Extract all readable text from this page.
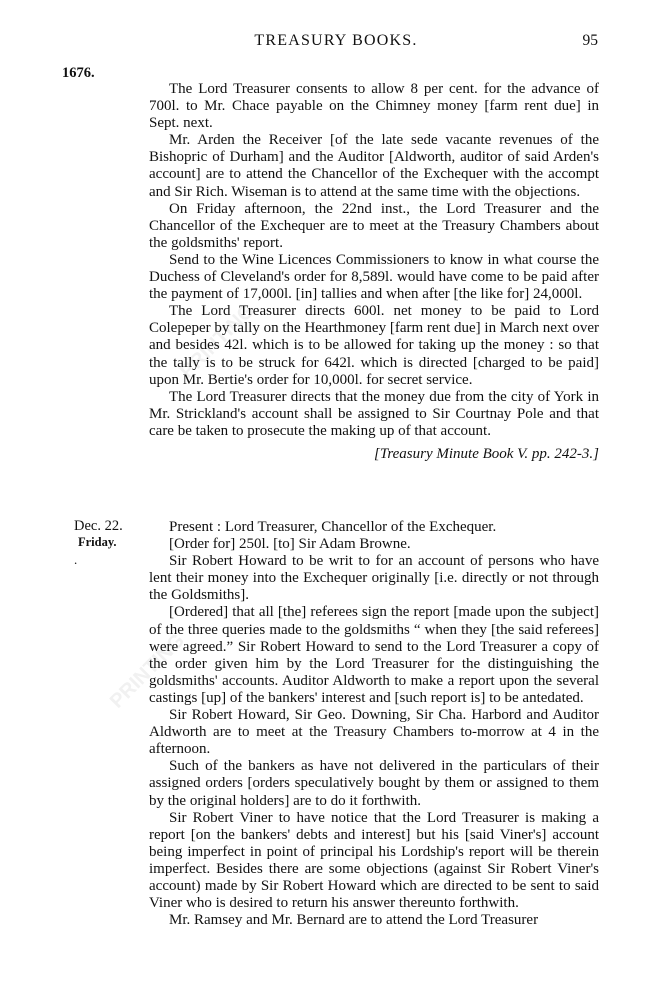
PRINTING
PRINTING
TREASURY BOOKS.	95
1676.

The Lord Treasurer consents to allow 8 per cent. for the advance of 700l. to Mr. Chace payable on the Chimney money [farm rent due] in Sept. next.

Mr. Arden the Receiver [of the late sede vacante revenues of the Bishopric of Durham] and the Auditor [Aldworth, auditor of said Arden's account] are to attend the Chancellor of the Exchequer with the accompt and Sir Rich. Wiseman is to attend at the same time with the objections.

On Friday afternoon, the 22nd inst., the Lord Treasurer and the Chancellor of the Exchequer are to meet at the Treasury Chambers about the goldsmiths' report.

Send to the Wine Licences Commissioners to know in what course the Duchess of Cleveland's order for 8,589l. would have come to be paid after the payment of 17,000l. [in] tallies and when after [the like for] 24,000l.

The Lord Treasurer directs 600l. net money to be paid to Lord Colepeper by tally on the Hearthmoney [farm rent due] in March next over and besides 42l. which is to be allowed for taking up the money : so that the tally is to be struck for 642l. which is directed [charged to be paid] upon Mr. Bertie's order for 10,000l. for secret service.

The Lord Treasurer directs that the money due from the city of York in Mr. Strickland's account shall be assigned to Sir Courtnay Pole and that care be taken to prosecute the making up of that account.

[Treasury Minute Book V. pp. 242-3.]

Dec. 22.
Friday.
.

Present : Lord Treasurer, Chancellor of the Exchequer.

[Order for] 250l. [to] Sir Adam Browne.

Sir Robert Howard to be writ to for an account of persons who have lent their money into the Exchequer originally [i.e. directly or not through the Goldsmiths].

[Ordered] that all [the] referees sign the report [made upon the subject] of the three queries made to the goldsmiths “ when they [the said referees] were agreed.” Sir Robert Howard to send to the Lord Treasurer a copy of the order given him by the Lord Treasurer for the distinguishing the goldsmiths' accounts. Auditor Aldworth to make a report upon the several castings [up] of the bankers' interest and [such report is] to be antedated.

Sir Robert Howard, Sir Geo. Downing, Sir Cha. Harbord and Auditor Aldworth are to meet at the Treasury Chambers to-morrow at 4 in the afternoon.

Such of the bankers as have not delivered in the particulars of their assigned orders [orders speculatively bought by them or assigned to them by the original holders] are to do it forthwith.

Sir Robert Viner to have notice that the Lord Treasurer is making a report [on the bankers' debts and interest] but his [said Viner's] account being imperfect in point of principal his Lordship's report will be therein imperfect. Besides there are some objections (against Sir Robert Viner's account) made by Sir Robert Howard which are directed to be sent to said Viner who is desired to return his answer thereunto forthwith.

Mr. Ramsey and Mr. Bernard are to attend the Lord Treasurer
